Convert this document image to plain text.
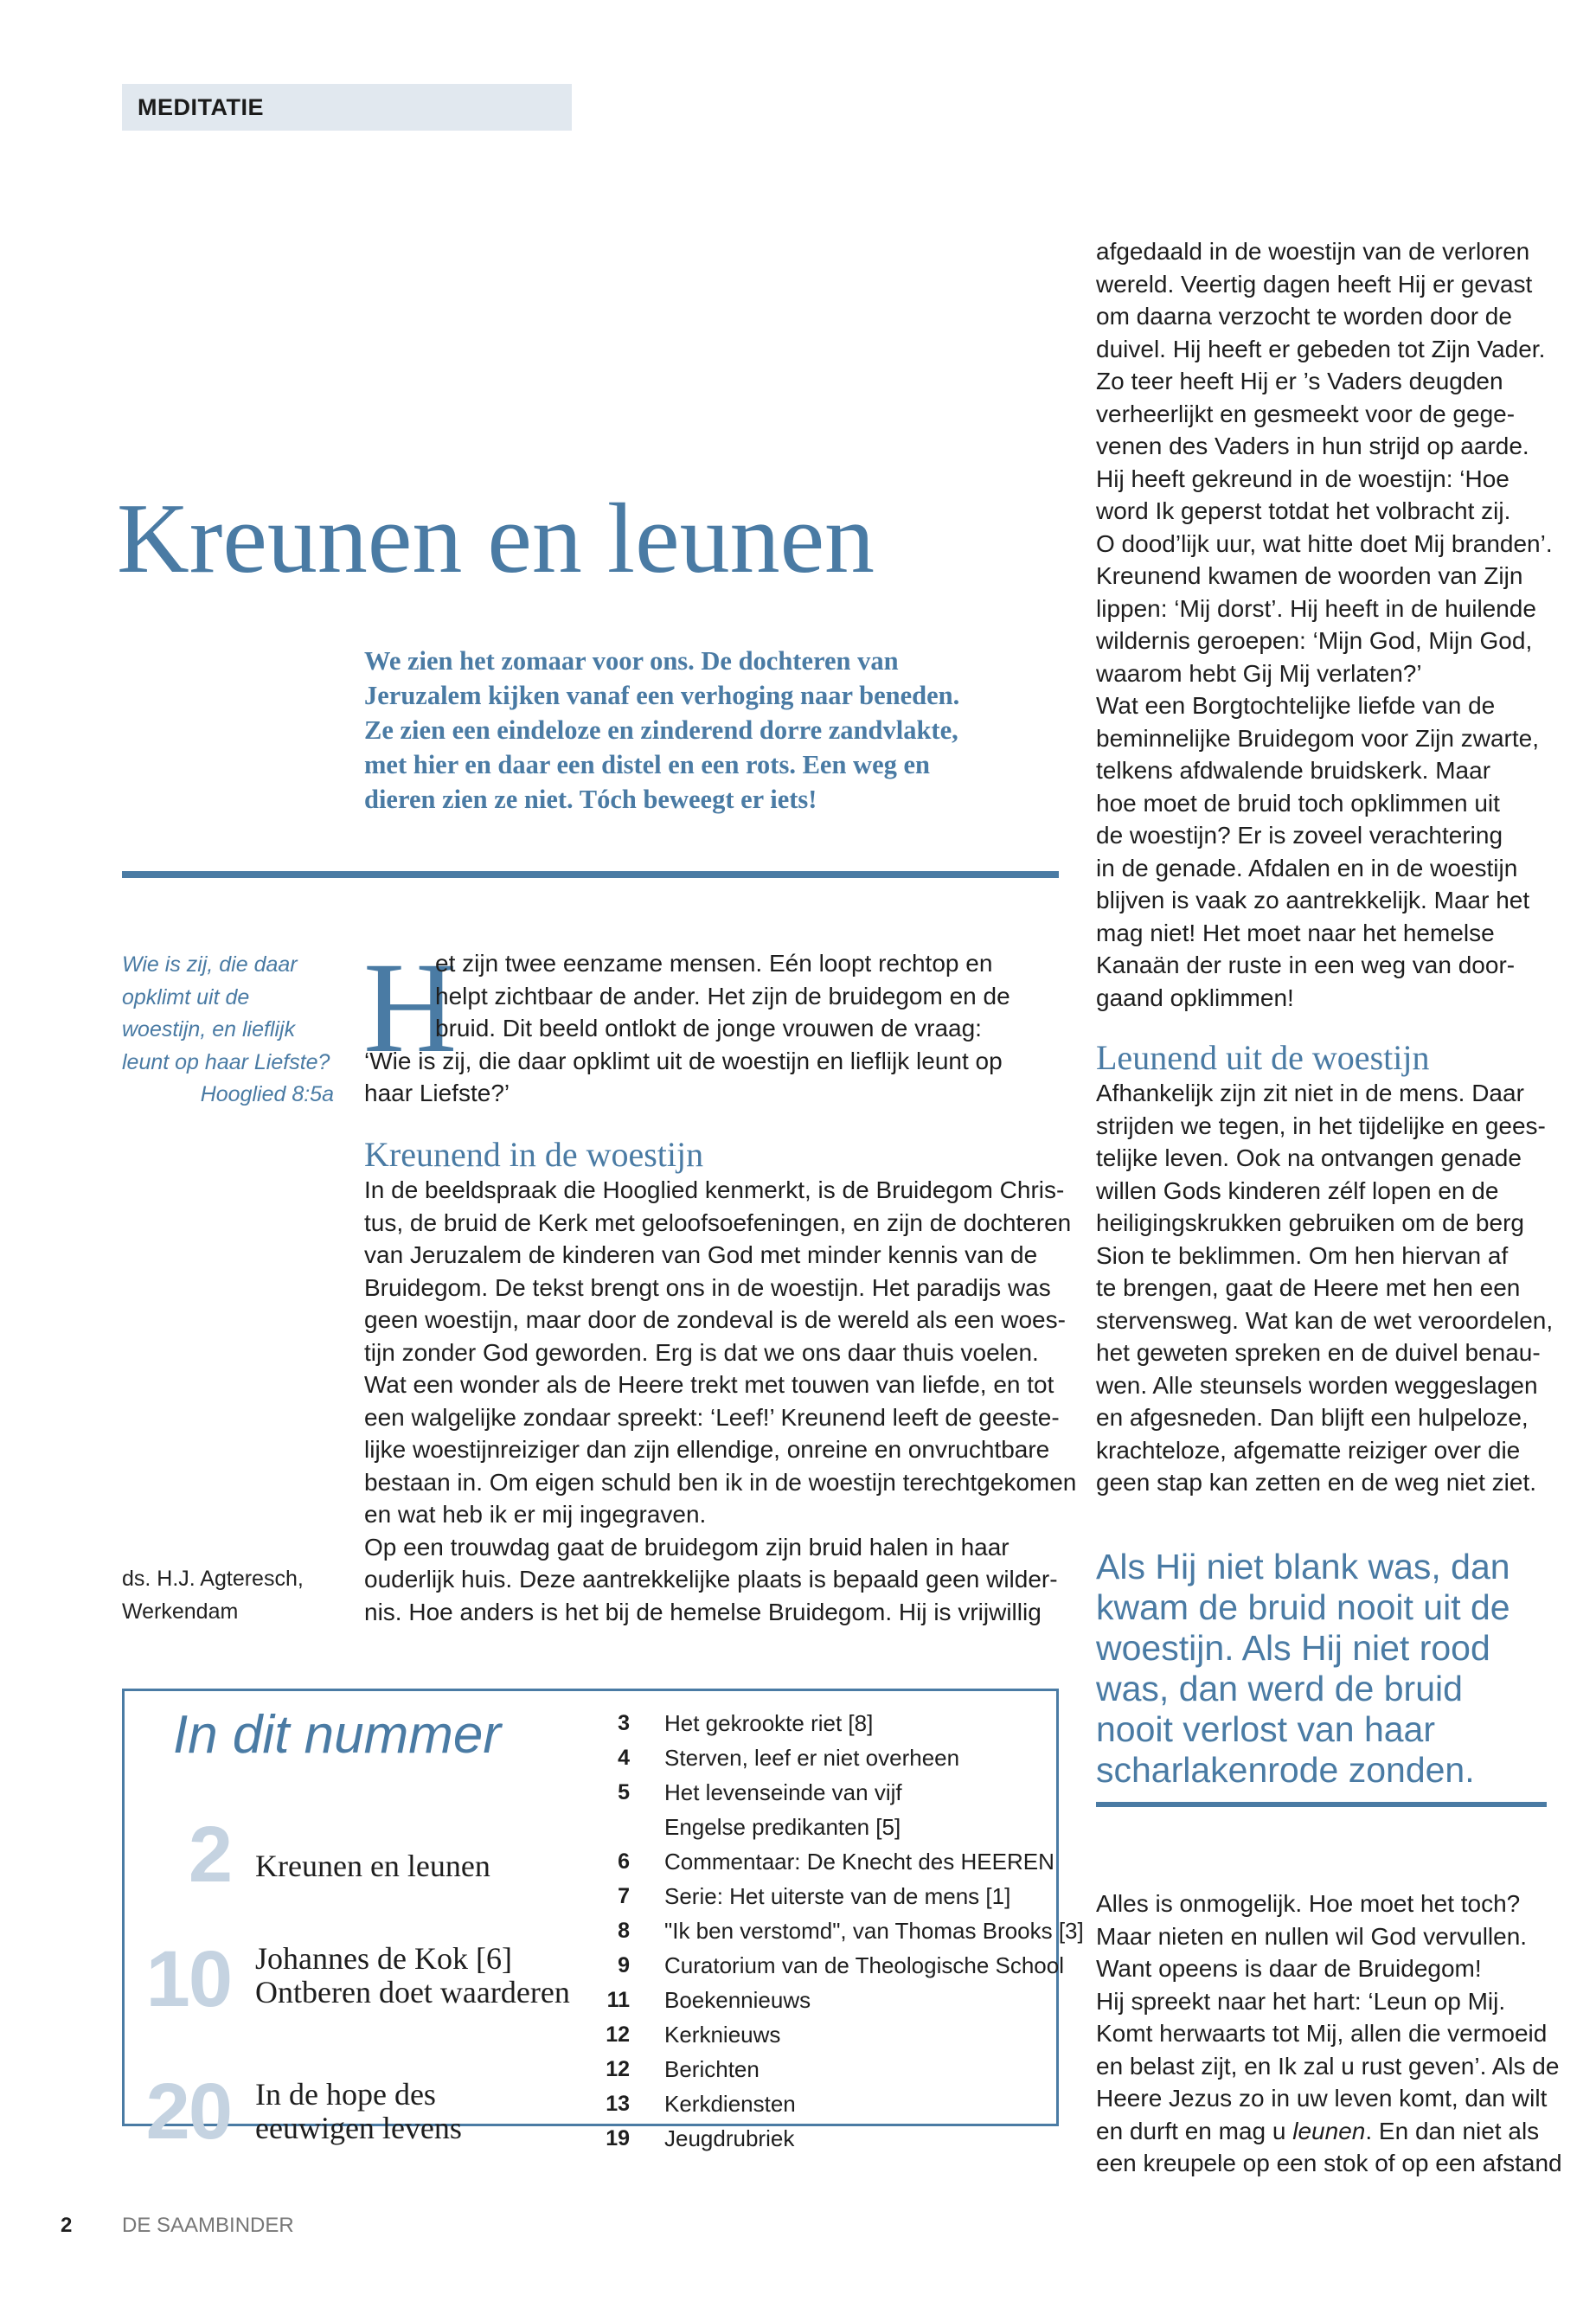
MEDITATIE
Kreunen en leunen
We zien het zomaar voor ons. De dochteren van
Jeruzalem kijken vanaf een verhoging naar beneden.
Ze zien een eindeloze en zinderend dorre zandvlakte,
met hier en daar een distel en een rots. Een weg en
dieren zien ze niet. Tóch beweegt er iets!
Wie is zij, die daar
opklimt uit de
woestijn, en lieflijk
leunt op haar Liefste?
Hooglied 8:5a
ds. H.J. Agteresch,
Werkendam
H
et zijn twee eenzame mensen. Eén loopt rechtop en
helpt zichtbaar de ander. Het zijn de bruidegom en de
bruid. Dit beeld ontlokt de jonge vrouwen de vraag:
‘Wie is zij, die daar opklimt uit de woestijn en lieflijk leunt op
haar Liefste?’
Kreunend in de woestijn
In de beeldspraak die Hooglied kenmerkt, is de Bruidegom Chris-
tus, de bruid de Kerk met geloofsoefeningen, en zijn de dochteren
van Jeruzalem de kinderen van God met minder kennis van de
Bruidegom. De tekst brengt ons in de woestijn. Het paradijs was
geen woestijn, maar door de zondeval is de wereld als een woes-
tijn zonder God geworden. Erg is dat we ons daar thuis voelen.
Wat een wonder als de Heere trekt met touwen van liefde, en tot
een walgelijke zondaar spreekt: ‘Leef!’ Kreunend leeft de geeste-
lijke woestijnreiziger dan zijn ellendige, onreine en onvruchtbare
bestaan in. Om eigen schuld ben ik in de woestijn terechtgekomen
en wat heb ik er mij ingegraven.
Op een trouwdag gaat de bruidegom zijn bruid halen in haar
ouderlijk huis. Deze aantrekkelijke plaats is bepaald geen wilder-
nis. Hoe anders is het bij de hemelse Bruidegom. Hij is vrijwillig
afgedaald in de woestijn van de verloren
wereld. Veertig dagen heeft Hij er gevast
om daarna verzocht te worden door de
duivel. Hij heeft er gebeden tot Zijn Vader.
Zo teer heeft Hij er ’s Vaders deugden
verheerlijkt en gesmeekt voor de gege-
venen des Vaders in hun strijd op aarde.
Hij heeft gekreund in de woestijn: ‘Hoe
word Ik geperst totdat het volbracht zij.
O dood’lijk uur, wat hitte doet Mij branden’.
Kreunend kwamen de woorden van Zijn
lippen: ‘Mij dorst’. Hij heeft in de huilende
wildernis geroepen: ‘Mijn God, Mijn God,
waarom hebt Gij Mij verlaten?’
Wat een Borgtochtelijke liefde van de
beminnelijke Bruidegom voor Zijn zwarte,
telkens afdwalende bruidskerk. Maar
hoe moet de bruid toch opklimmen uit
de woestijn? Er is zoveel verachtering
in de genade. Afdalen en in de woestijn
blijven is vaak zo aantrekkelijk. Maar het
mag niet! Het moet naar het hemelse
Kanaän der ruste in een weg van door-
gaand opklimmen!
Leunend uit de woestijn
Afhankelijk zijn zit niet in de mens. Daar
strijden we tegen, in het tijdelijke en gees-
telijke leven. Ook na ontvangen genade
willen Gods kinderen zélf lopen en de
heiligingskrukken gebruiken om de berg
Sion te beklimmen. Om hen hiervan af
te brengen, gaat de Heere met hen een
stervensweg. Wat kan de wet veroordelen,
het geweten spreken en de duivel benau-
wen. Alle steunsels worden weggeslagen
en afgesneden. Dan blijft een hulpeloze,
krachteloze, afgematte reiziger over die
geen stap kan zetten en de weg niet ziet.
Als Hij niet blank was, dan
kwam de bruid nooit uit de
woestijn. Als Hij niet rood
was, dan werd de bruid
nooit verlost van haar
scharlakenrode zonden.
Alles is onmogelijk. Hoe moet het toch?
Maar nieten en nullen wil God vervullen.
Want opeens is daar de Bruidegom!
Hij spreekt naar het hart: ‘Leun op Mij.
Komt herwaarts tot Mij, allen die vermoeid
en belast zijt, en Ik zal u rust geven’. Als de
Heere Jezus zo in uw leven komt, dan wilt
en durft en mag u leunen. En dan niet als
een kreupele op een stok of op een afstand
In dit nummer
2 Kreunen en leunen
10 Johannes de Kok [6]
Ontberen doet waarderen
20 In de hope des
eeuwigen levens
3 Het gekrookte riet [8]
4 Sterven, leef er niet overheen
5 Het levenseinde van vijf
Engelse predikanten [5]
6 Commentaar: De Knecht des HEEREN
7 Serie: Het uiterste van de mens [1]
8 "Ik ben verstomd", van Thomas Brooks [3]
9 Curatorium van de Theologische School
11 Boekennieuws
12 Kerknieuws
12 Berichten
13 Kerkdiensten
19 Jeugdrubriek
2 DE SAAMBINDER
